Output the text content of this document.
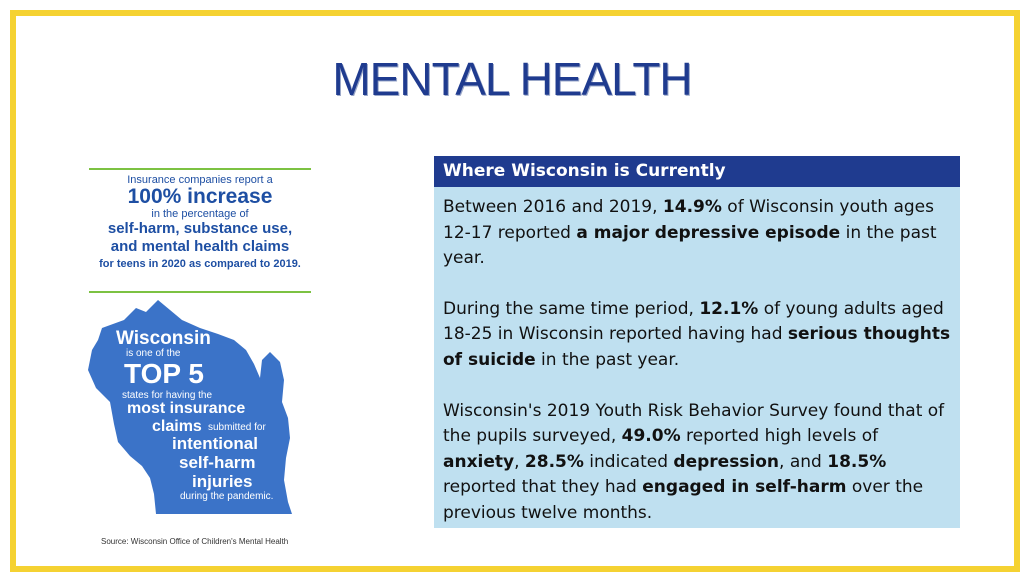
MENTAL HEALTH
Insurance companies report a
100% increase
in the percentage of
self-harm, substance use,
and mental health claims
for teens in 2020 as compared to 2019.
Wisconsin
is one of the
TOP 5
states for having the
most insurance
claims submitted for
intentional
self-harm
injuries
during the pandemic.
Source: Wisconsin Office of Children's Mental Health
Where Wisconsin is Currently

Between 2016 and 2019, 14.9% of Wisconsin youth ages 12-17 reported a major depressive episode in the past year.

During the same time period, 12.1% of young adults aged 18-25 in Wisconsin reported having had serious thoughts of suicide in the past year.

Wisconsin's 2019 Youth Risk Behavior Survey found that of the pupils surveyed, 49.0% reported high levels of anxiety, 28.5% indicated depression, and 18.5% reported that they had engaged in self-harm over the previous twelve months.
